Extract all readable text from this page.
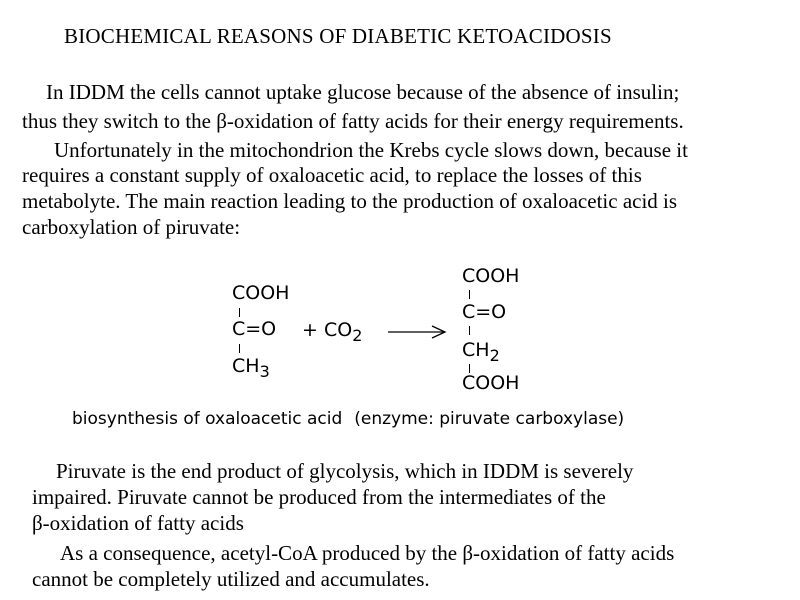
BIOCHEMICAL REASONS OF DIABETIC KETOACIDOSIS
In IDDM the cells cannot uptake glucose because of the absence of insulin;
thus they switch to the β-oxidation of fatty acids for their energy requirements.
Unfortunately in the mitochondrion the Krebs cycle slows down, because it
requires a constant supply of oxaloacetic acid, to replace the losses of this
metabolyte. The main reaction leading to the production of oxaloacetic acid is
carboxylation of piruvate:
COOH
C=O
$CH_3$
+ $CO_2$
COOH
C=O
$CH_2$
COOH
biosynthesis of oxaloacetic acid (enzyme: piruvate carboxylase)
Piruvate is the end product of glycolysis, which in IDDM is severely
impaired. Piruvate cannot be produced from the intermediates of the
β-oxidation of fatty acids
As a consequence, acetyl-CoA produced by the β-oxidation of fatty acids
cannot be completely utilized and accumulates.
